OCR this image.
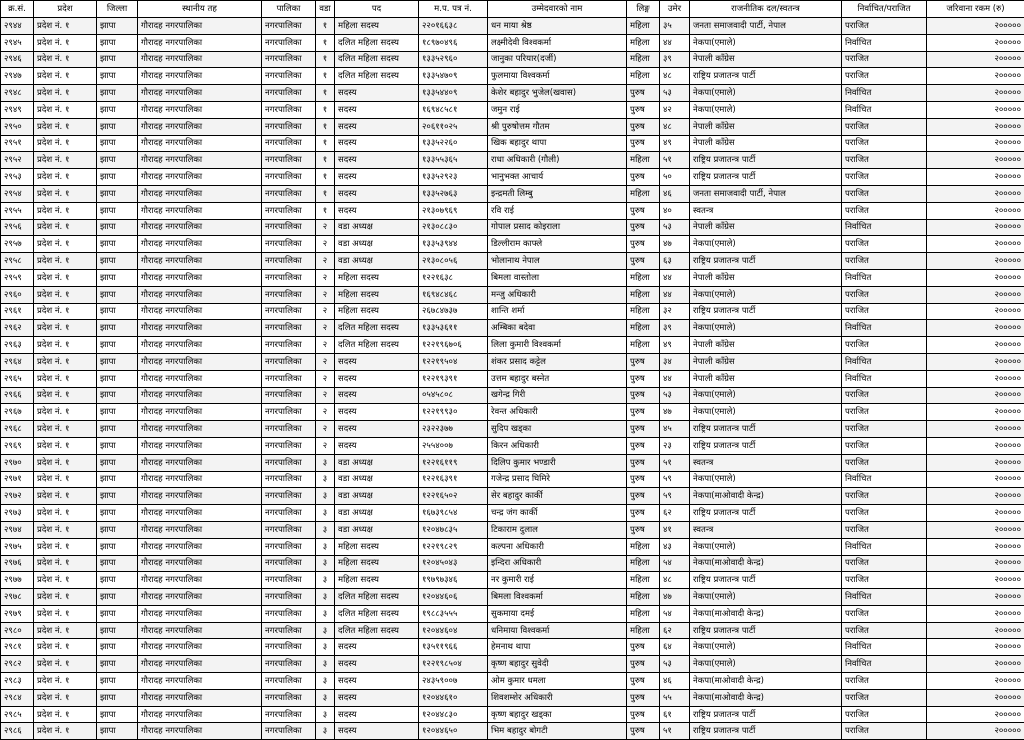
क्र.सं.	प्रदेश	जिल्ला	स्थानीय तह	पालिका	वडा	पद	म.प. पत्र नं.	उम्मेदवारको नाम	लिङ्ग	उमेर	राजनीतिक दल/स्वतन्त्र	निर्वाचित/पराजित	जरिवाना रकम (रु)
२९४४	प्रदेश नं. १	झापा	गौरादह नगरपालिका	नगरपालिका	१	महिला सदस्य	२२०१६६३८	धन माया श्रेष्ठ	महिला	३५	जनता समाजवादी पार्टी, नेपाल	पराजित	२०००००
२९४५	प्रदेश नं. १	झापा	गौरादह नगरपालिका	नगरपालिका	१	दलित महिला सदस्य	१८९७०४९६	लक्ष्मीदेवी विश्वकर्मा	महिला	४४	नेकपा(एमाले)	निर्वाचित	२०००००
२९४६	प्रदेश नं. १	झापा	गौरादह नगरपालिका	नगरपालिका	१	दलित महिला सदस्य	१३३५२९६०	जानुका परियार(दर्जी)	महिला	३९	नेपाली काँग्रेस	पराजित	२०००००
२९४७	प्रदेश नं. १	झापा	गौरादह नगरपालिका	नगरपालिका	१	दलित महिला सदस्य	१३३५४७०९	फुलमाया विश्वकर्मा	महिला	४८	राष्ट्रिय प्रजातन्त्र पार्टी	पराजित	२०००००
२९४८	प्रदेश नं. १	झापा	गौरादह नगरपालिका	नगरपालिका	१	सदस्य	१३३५४४०९	केशेर बहादुर भुजेल(खवास)	पुरुष	५३	नेकपा(एमाले)	निर्वाचित	२०००००
२९४९	प्रदेश नं. १	झापा	गौरादह नगरपालिका	नगरपालिका	१	सदस्य	१६९४८५८१	जमुन राई	पुरुष	४२	नेकपा(एमाले)	निर्वाचित	२०००००
२९५०	प्रदेश नं. १	झापा	गौरादह नगरपालिका	नगरपालिका	१	सदस्य	२०६११०२५	श्री पुरुषोत्तम गौतम	पुरुष	४८	नेपाली काँग्रेस	पराजित	२०००००
२९५१	प्रदेश नं. १	झापा	गौरादह नगरपालिका	नगरपालिका	१	सदस्य	१३३५२२६०	खिक बहादुर थापा	पुरुष	४९	नेपाली काँग्रेस	पराजित	२०००००
२९५२	प्रदेश नं. १	झापा	गौरादह नगरपालिका	नगरपालिका	१	सदस्य	१३३५५३६५	राधा अधिकारी (गौली)	महिला	५१	राष्ट्रिय प्रजातन्त्र पार्टी	पराजित	२०००००
२९५३	प्रदेश नं. १	झापा	गौरादह नगरपालिका	नगरपालिका	१	सदस्य	१३३५२९२३	भानुभक्त आचार्य	पुरुष	५०	राष्ट्रिय प्रजातन्त्र पार्टी	पराजित	२०००००
२९५४	प्रदेश नं. १	झापा	गौरादह नगरपालिका	नगरपालिका	१	सदस्य	१३३५२७६३	इन्द्रमती लिम्बु	महिला	४६	जनता समाजवादी पार्टी, नेपाल	पराजित	२०००००
२९५५	प्रदेश नं. १	झापा	गौरादह नगरपालिका	नगरपालिका	१	सदस्य	२१३०७९६९	रवि राई	पुरुष	४०	स्वतन्त्र	पराजित	२०००००
२९५६	प्रदेश नं. १	झापा	गौरादह नगरपालिका	नगरपालिका	२	वडा अध्यक्ष	२१३०८८३०	गोपाल प्रसाद कोइराला	पुरुष	५३	नेपाली काँग्रेस	निर्वाचित	२०००००
२९५७	प्रदेश नं. १	झापा	गौरादह नगरपालिका	नगरपालिका	२	वडा अध्यक्ष	१३३५३९४४	डिल्लीराम काफ्ले	पुरुष	४७	नेकपा(एमाले)	पराजित	२०००००
२९५८	प्रदेश नं. १	झापा	गौरादह नगरपालिका	नगरपालिका	२	वडा अध्यक्ष	२१३०८०५६	भोलानाथ नेपाल	पुरुष	६३	राष्ट्रिय प्रजातन्त्र पार्टी	पराजित	२०००००
२९५९	प्रदेश नं. १	झापा	गौरादह नगरपालिका	नगरपालिका	२	महिला सदस्य	१२२१६३८	बिमला वास्तोला	महिला	४४	नेपाली काँग्रेस	निर्वाचित	२०००००
२९६०	प्रदेश नं. १	झापा	गौरादह नगरपालिका	नगरपालिका	२	महिला सदस्य	१६९४८४६८	मन्जु अधिकारी	महिला	४४	नेकपा(एमाले)	पराजित	२०००००
२९६१	प्रदेश नं. १	झापा	गौरादह नगरपालिका	नगरपालिका	२	महिला सदस्य	२६७८४७३७	शान्ति शर्मा	महिला	३२	राष्ट्रिय प्रजातन्त्र पार्टी	पराजित	२०००००
२९६२	प्रदेश नं. १	झापा	गौरादह नगरपालिका	नगरपालिका	२	दलित महिला सदस्य	१३३५३६११	अम्बिका बदेवा	महिला	३९	नेकपा(एमाले)	निर्वाचित	२०००००
२९६३	प्रदेश नं. १	झापा	गौरादह नगरपालिका	नगरपालिका	२	दलित महिला सदस्य	१२२१९६७०६	लिला कुमारी विश्वकर्मा	महिला	४९	नेपाली काँग्रेस	पराजित	२०००००
२९६४	प्रदेश नं. १	झापा	गौरादह नगरपालिका	नगरपालिका	२	सदस्य	१२२१९५०४	शंकर प्रसाद कट्टेल	पुरुष	३४	नेपाली काँग्रेस	निर्वाचित	२०००००
२९६५	प्रदेश नं. १	झापा	गौरादह नगरपालिका	नगरपालिका	२	सदस्य	१२२१९३९१	उत्तम बहादुर बस्नेत	पुरुष	४४	नेपाली काँग्रेस	निर्वाचित	२०००००
२९६६	प्रदेश नं. १	झापा	गौरादह नगरपालिका	नगरपालिका	२	सदस्य	०५४५८०८	खगेन्द्र गिरी	पुरुष	५३	नेकपा(एमाले)	पराजित	२०००००
२९६७	प्रदेश नं. १	झापा	गौरादह नगरपालिका	नगरपालिका	२	सदस्य	१२२१९९३०	रेवन्त अधिकारी	पुरुष	४७	नेकपा(एमाले)	पराजित	२०००००
२९६८	प्रदेश नं. १	झापा	गौरादह नगरपालिका	नगरपालिका	२	सदस्य	२३२२३७७	सुदिप खड्का	पुरुष	४५	राष्ट्रिय प्रजातन्त्र पार्टी	पराजित	२०००००
२९६९	प्रदेश नं. १	झापा	गौरादह नगरपालिका	नगरपालिका	२	सदस्य	२५५४००७	किरन अधिकारी	पुरुष	२३	राष्ट्रिय प्रजातन्त्र पार्टी	पराजित	२०००००
२९७०	प्रदेश नं. १	झापा	गौरादह नगरपालिका	नगरपालिका	३	वडा अध्यक्ष	१२२१६११९	दिलिप कुमार भण्डारी	पुरुष	५१	स्वतन्त्र	पराजित	२०००००
२९७१	प्रदेश नं. १	झापा	गौरादह नगरपालिका	नगरपालिका	३	वडा अध्यक्ष	१२२१६३९१	गजेन्द्र प्रसाद घिमिरे	पुरुष	५९	नेकपा(एमाले)	निर्वाचित	२०००००
२९७२	प्रदेश नं. १	झापा	गौरादह नगरपालिका	नगरपालिका	३	वडा अध्यक्ष	१२२१६५०२	सेर बहादुर कार्की	पुरुष	५९	नेकपा(माओवादी केन्द्र)	पराजित	२०००००
२९७३	प्रदेश नं. १	झापा	गौरादह नगरपालिका	नगरपालिका	३	वडा अध्यक्ष	१६७३९८५४	चन्द्र जंग कार्की	पुरुष	६२	राष्ट्रिय प्रजातन्त्र पार्टी	पराजित	२०००००
२९७४	प्रदेश नं. १	झापा	गौरादह नगरपालिका	नगरपालिका	३	वडा अध्यक्ष	१२०४७८३५	टिकाराम दुलाल	पुरुष	४१	स्वतन्त्र	पराजित	२०००००
२९७५	प्रदेश नं. १	झापा	गौरादह नगरपालिका	नगरपालिका	३	महिला सदस्य	१२२१९८२९	कल्पना अधिकारी	महिला	४३	नेकपा(एमाले)	निर्वाचित	२०००००
२९७६	प्रदेश नं. १	झापा	गौरादह नगरपालिका	नगरपालिका	३	महिला सदस्य	१२०४५०४३	इन्दिरा अधिकारी	महिला	५४	नेकपा(माओवादी केन्द्र)	पराजित	२०००००
२९७७	प्रदेश नं. १	झापा	गौरादह नगरपालिका	नगरपालिका	३	महिला सदस्य	१९७९७३४६	नर कुमारी राई	महिला	४८	राष्ट्रिय प्रजातन्त्र पार्टी	पराजित	२०००००
२९७८	प्रदेश नं. १	झापा	गौरादह नगरपालिका	नगरपालिका	३	दलित महिला सदस्य	१२०४४६०६	बिमला विश्वकर्मा	महिला	४७	नेकपा(एमाले)	निर्वाचित	२०००००
२९७९	प्रदेश नं. १	झापा	गौरादह नगरपालिका	नगरपालिका	३	दलित महिला सदस्य	१९८८३५५५	सुकमाया दमई	महिला	५४	नेकपा(माओवादी केन्द्र)	पराजित	२०००००
२९८०	प्रदेश नं. १	झापा	गौरादह नगरपालिका	नगरपालिका	३	दलित महिला सदस्य	१२०४४६०४	धनिमाया विश्वकर्मा	महिला	६२	राष्ट्रिय प्रजातन्त्र पार्टी	पराजित	२०००००
२९८१	प्रदेश नं. १	झापा	गौरादह नगरपालिका	नगरपालिका	३	सदस्य	१३५११९६६	हेमनाथ थापा	पुरुष	६४	नेकपा(एमाले)	निर्वाचित	२०००००
२९८२	प्रदेश नं. १	झापा	गौरादह नगरपालिका	नगरपालिका	३	सदस्य	१२२१९८५०४	कृष्ण बहादुर सुवेदी	पुरुष	५३	नेकपा(एमाले)	निर्वाचित	२०००००
२९८३	प्रदेश नं. १	झापा	गौरादह नगरपालिका	नगरपालिका	३	सदस्य	२४३५९००७	ओम कुमार धमला	पुरुष	४६	नेकपा(माओवादी केन्द्र)	पराजित	२०००००
२९८४	प्रदेश नं. १	झापा	गौरादह नगरपालिका	नगरपालिका	३	सदस्य	१२०४४६१०	शिवशम्शेर अधिकारी	पुरुष	५५	नेकपा(माओवादी केन्द्र)	पराजित	२०००००
२९८५	प्रदेश नं. १	झापा	गौरादह नगरपालिका	नगरपालिका	३	सदस्य	१२०४४८३०	कृष्ण बहादुर खड्का	पुरुष	६१	राष्ट्रिय प्रजातन्त्र पार्टी	पराजित	२०००००
२९८६	प्रदेश नं. १	झापा	गौरादह नगरपालिका	नगरपालिका	३	सदस्य	१२०४४६५०	भिम बहादुर बोगटी	पुरुष	५१	राष्ट्रिय प्रजातन्त्र पार्टी	पराजित	२०००००
